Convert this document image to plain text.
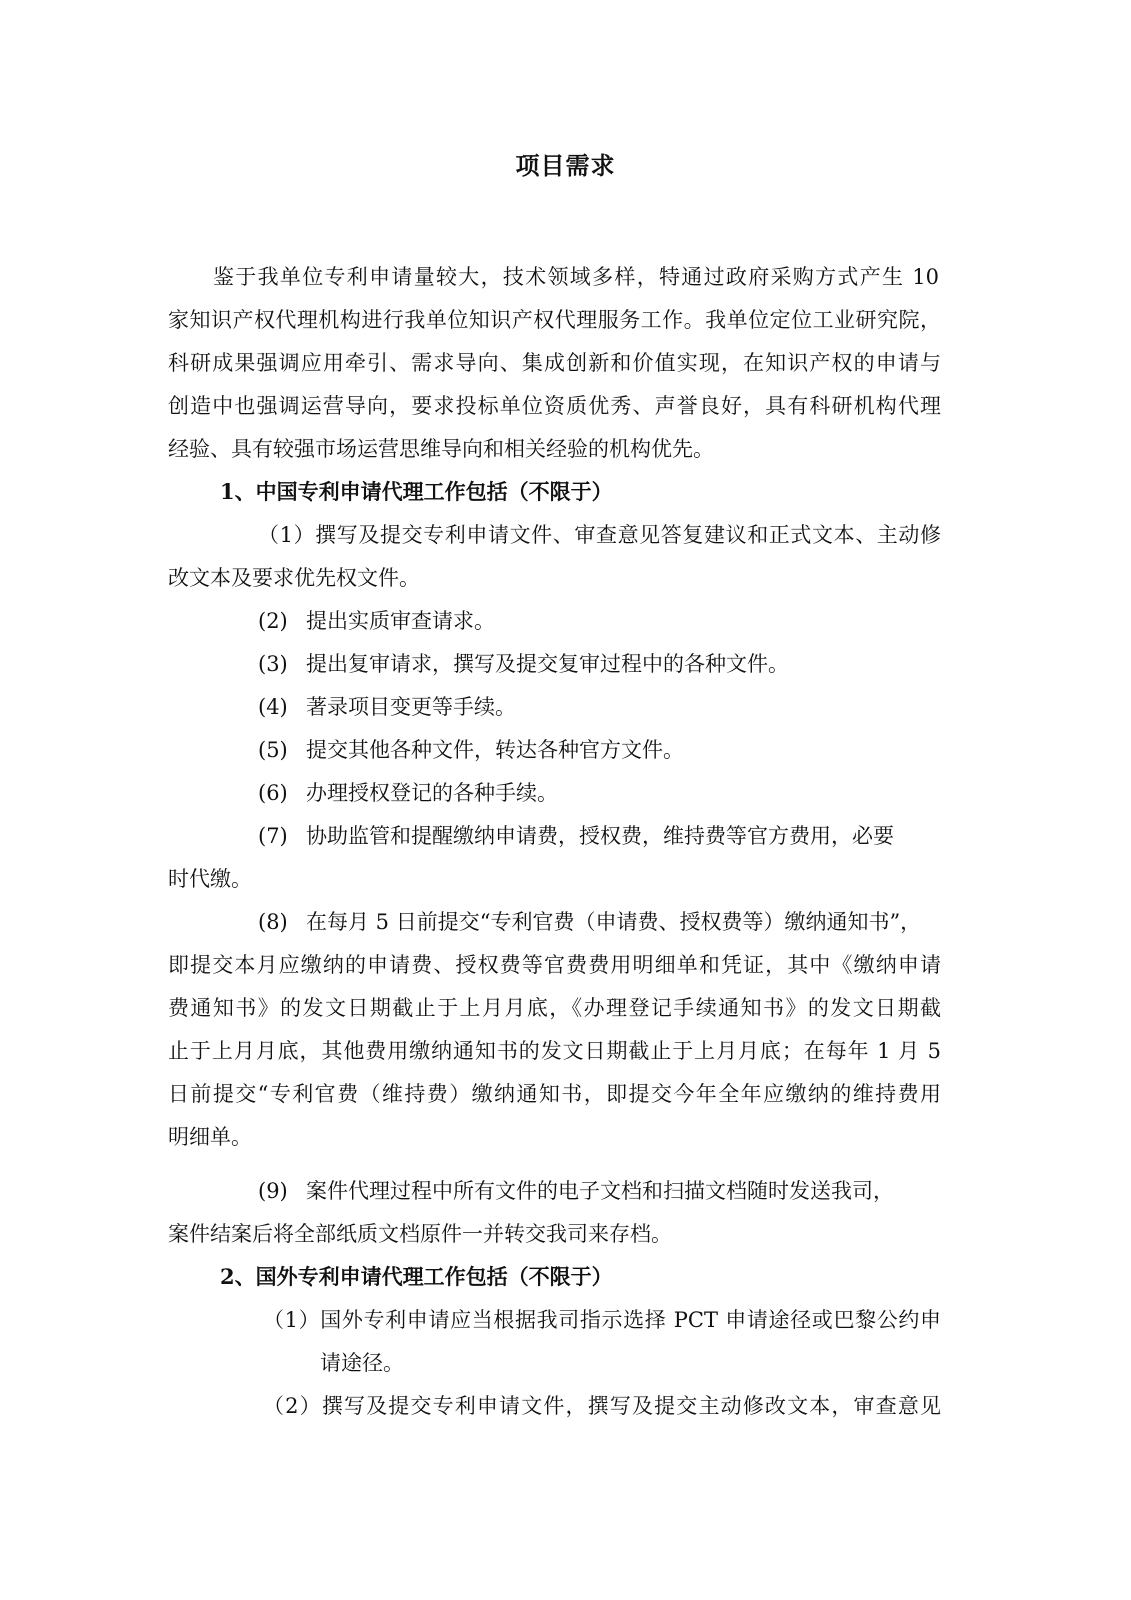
项目需求
鉴于我单位专利申请量较大，技术领域多样，特通过政府采购方式产生 10
家知识产权代理机构进行我单位知识产权代理服务工作。我单位定位工业研究院，
科研成果强调应用牵引、需求导向、集成创新和价值实现，在知识产权的申请与
创造中也强调运营导向，要求投标单位资质优秀、声誉良好，具有科研机构代理
经验、具有较强市场运营思维导向和相关经验的机构优先。
1、中国专利申请代理工作包括（不限于）
（1）撰写及提交专利申请文件、审查意见答复建议和正式文本、主动修
改文本及要求优先权文件。
(2) 提出实质审查请求。
(3) 提出复审请求，撰写及提交复审过程中的各种文件。
(4) 著录项目变更等手续。
(5) 提交其他各种文件，转达各种官方文件。
(6) 办理授权登记的各种手续。
(7) 协助监管和提醒缴纳申请费，授权费，维持费等官方费用，必要
时代缴。
(8) 在每月 5 日前提交“专利官费（申请费、授权费等）缴纳通知书”，
即提交本月应缴纳的申请费、授权费等官费费用明细单和凭证，其中《缴纳申请
费通知书》的发文日期截止于上月月底，《办理登记手续通知书》的发文日期截
止于上月月底，其他费用缴纳通知书的发文日期截止于上月月底；在每年 1 月 5
日前提交“专利官费（维持费）缴纳通知书，即提交今年全年应缴纳的维持费用
明细单。
(9) 案件代理过程中所有文件的电子文档和扫描文档随时发送我司，
案件结案后将全部纸质文档原件一并转交我司来存档。
2、国外专利申请代理工作包括（不限于）
（1）国外专利申请应当根据我司指示选择 PCT 申请途径或巴黎公约申
请途径。
（2）撰写及提交专利申请文件，撰写及提交主动修改文本，审查意见
